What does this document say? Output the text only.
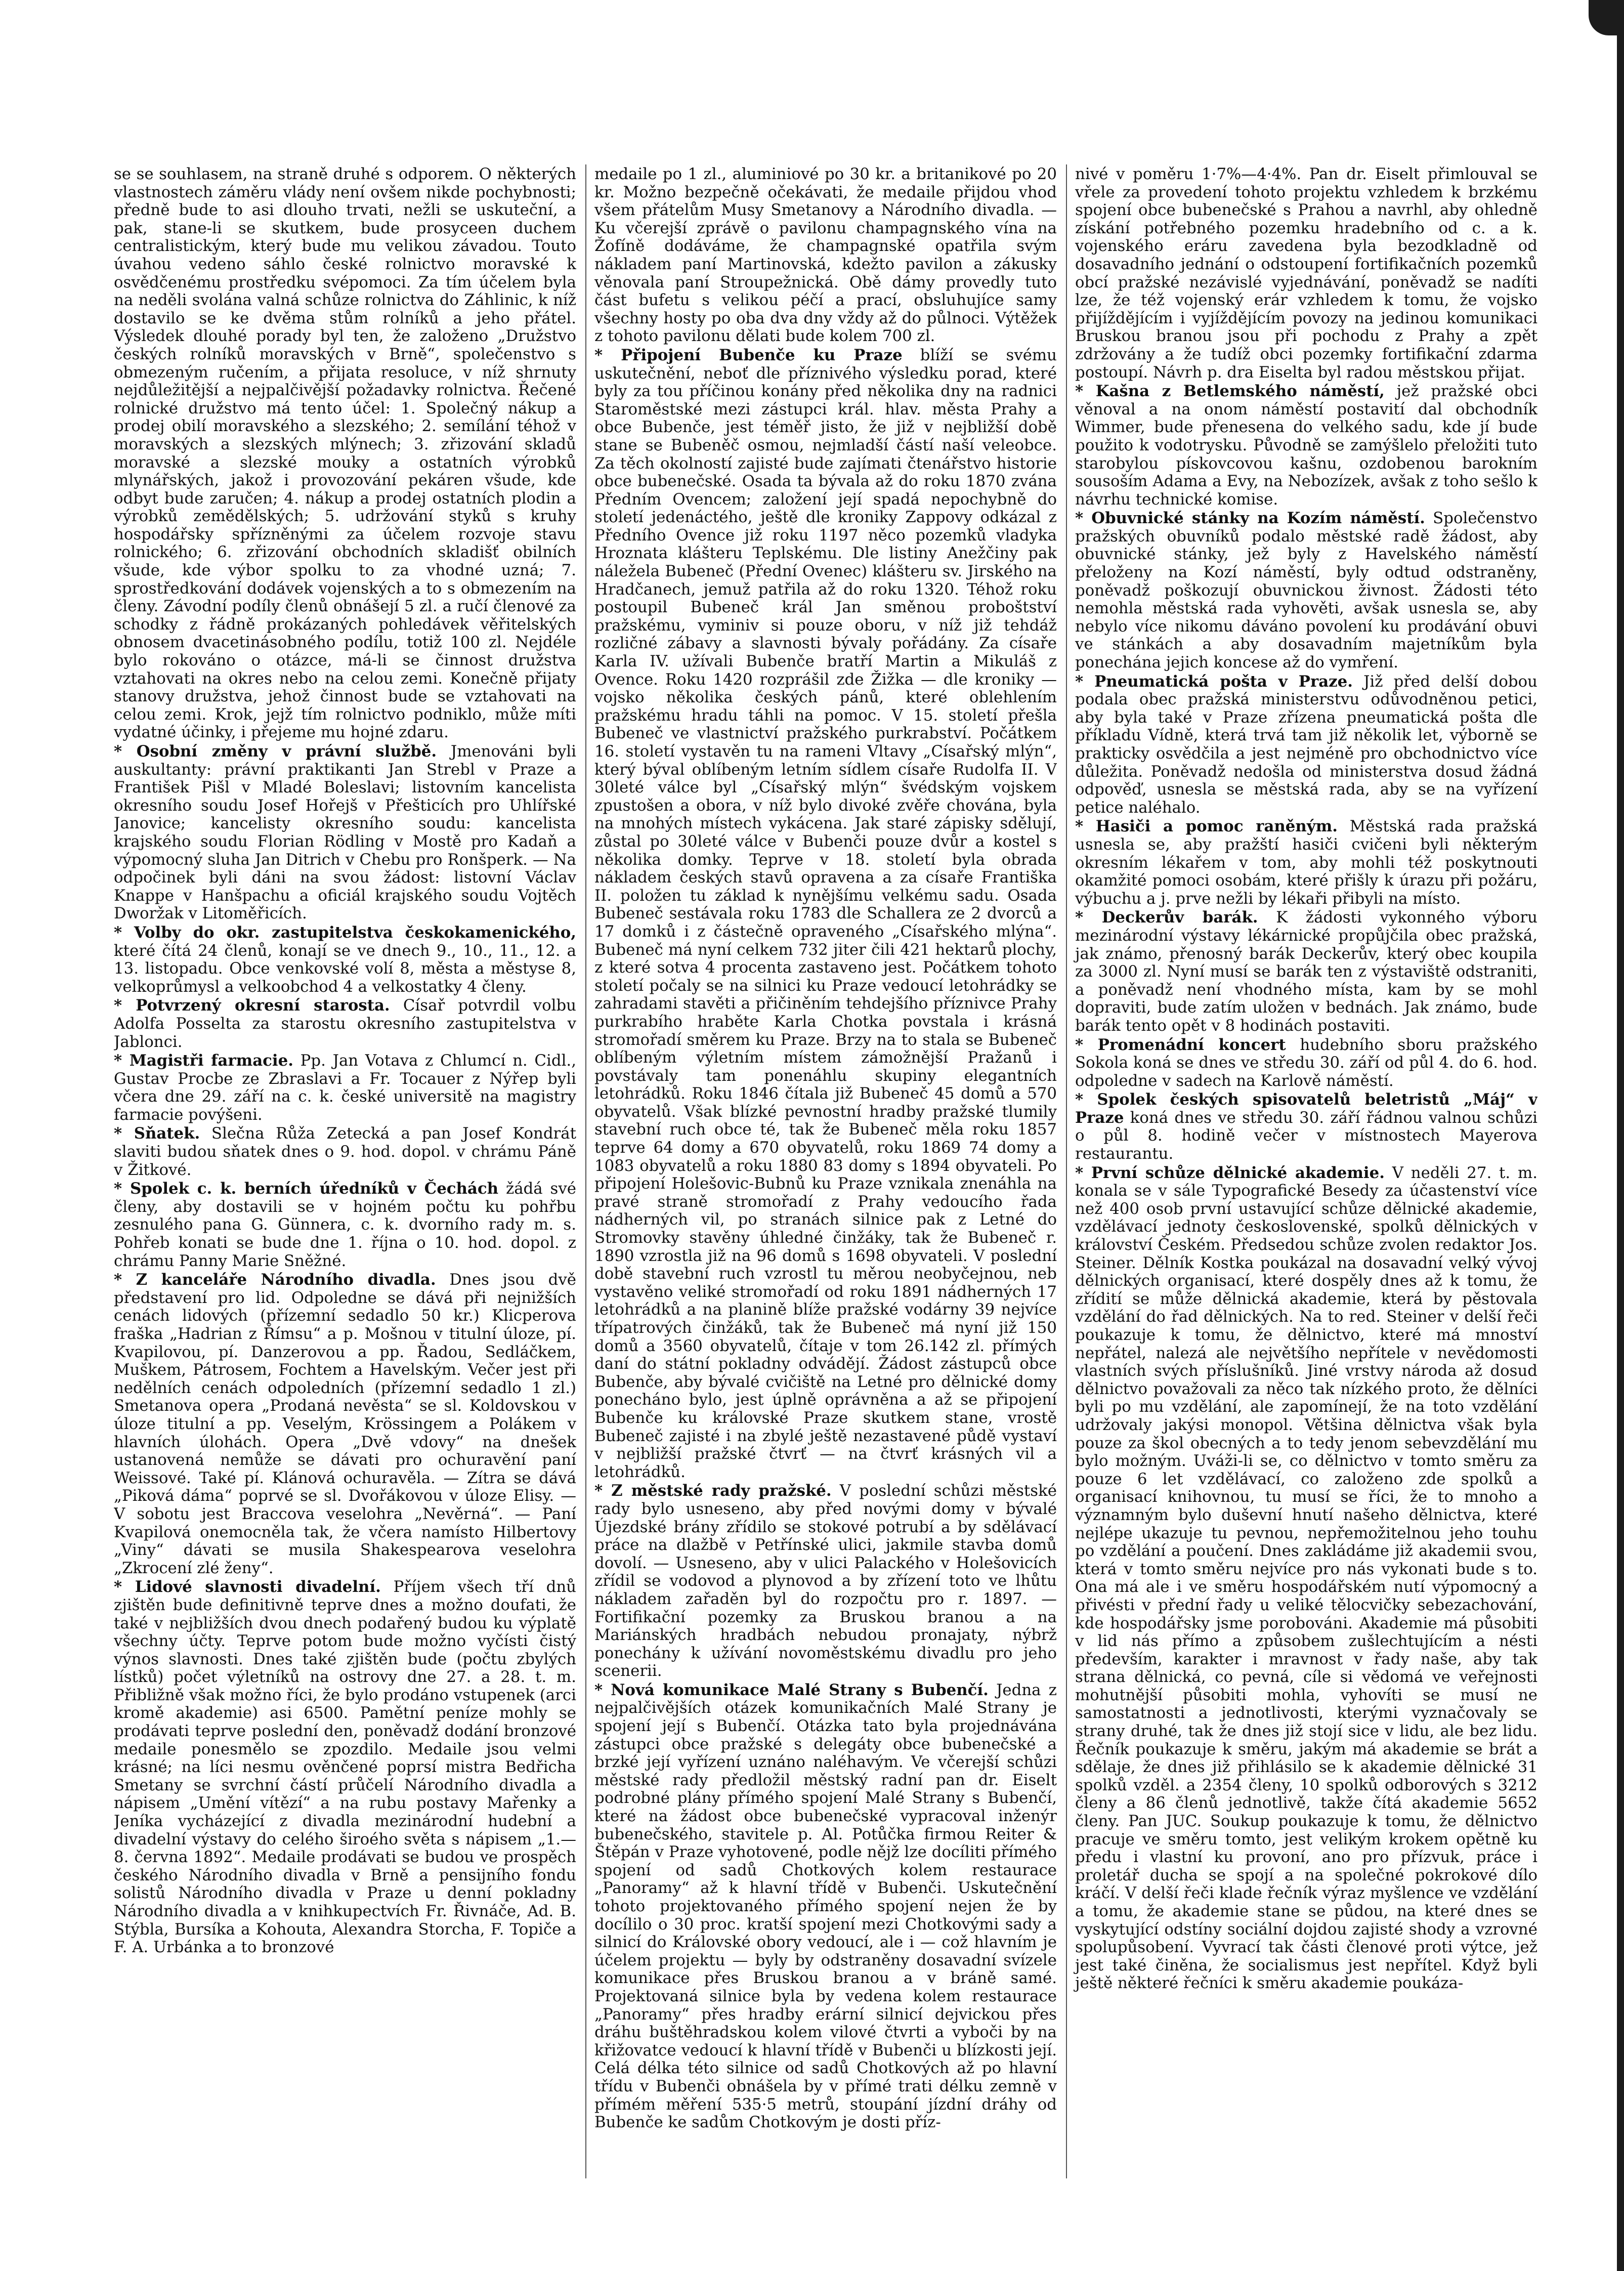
se se souhlasem, na straně druhé s odporem. O některých vlastnostech záměru vlády není ovšem nikde pochybnosti; předně bude to asi dlouho trvati, nežli se uskuteční, a pak, stane-li se skutkem, bude prosyceen duchem centralistickým, který bude mu velikou závadou. Touto úvahou vedeno sáhlo české rolnictvo moravské k osvědčenému prostředku svépomoci. Za tím účelem byla na neděli svolána valná schůze rolnictva do Záhlinic, k níž dostavilo se ke dvěma stům rolníků a jeho přátel. Výsledek dlouhé porady byl ten, že založeno „Družstvo českých rolníků moravských v Brně“, společenstvo s obmezeným ručením, a přijata resoluce, v níž shrnuty nejdůležitější a nejpalčivější požadavky rolnictva. Řečené rolnické družstvo má tento účel: 1. Společný nákup a prodej obilí moravského a slezského; 2. semílání téhož v moravských a slezských mlýnech; 3. zřizování skladů moravské a slezské mouky a ostatních výrobků mlynářských, jakož i provozování pekáren všude, kde odbyt bude zaručen; 4. nákup a prodej ostatních plodin a výrobků zemědělských; 5. udržování styků s kruhy hospodářsky spřízněnými za účelem rozvoje stavu rolnického; 6. zřizování obchodních skladišť obilních všude, kde výbor spolku to za vhodné uzná; 7. sprostředkování dodávek vojenských a to s obmezením na členy. Závodní podíly členů obnášejí 5 zl. a ručí členové za schodky z řádně prokázaných pohledávek věřitelských obnosem dvacetinásobného podílu, totiž 100 zl. Nejdéle bylo rokováno o otázce, má-li se činnost družstva vztahovati na okres nebo na celou zemi. Konečně přijaty stanovy družstva, jehož činnost bude se vztahovati na celou zemi. Krok, jejž tím rolnictvo podniklo, může míti vydatné účinky, i přejeme mu hojné zdaru.

* Osobní změny v právní službě. Jmenováni byli auskultanty: právní praktikanti Jan Strebl v Praze a František Pišl v Mladé Boleslavi; listovním kancelista okresního soudu Josef Hořejš v Přešticích pro Uhlířské Janovice; kancelisty okresního soudu: kancelista krajského soudu Florian Rödling v Mostě pro Kadaň a výpomocný sluha Jan Ditrich v Chebu pro Ronšperk. — Na odpočinek byli dáni na svou žádost: listovní Václav Knappe v Hanšpachu a oficiál krajského soudu Vojtěch Dworžak v Litoměřicích.

* Volby do okr. zastupitelstva českokamenického, které čítá 24 členů, konají se ve dnech 9., 10., 11., 12. a 13. listopadu. Obce venkovské volí 8, města a městyse 8, velkoprůmysl a velkoobchod 4 a velkostatky 4 členy.

* Potvrzený okresní starosta. Císař potvrdil volbu Adolfa Posselta za starostu okresního zastupitelstva v Jablonci.

* Magistři farmacie. Pp. Jan Votava z Chlumcí n. Cidl., Gustav Procbe ze Zbraslavi a Fr. Tocauer z Nýřep byli včera dne 29. září na c. k. české universitě na magistry farmacie povýšeni.

* Sňatek. Slečna Růža Zetecká a pan Josef Kondrát slaviti budou sňatek dnes o 9. hod. dopol. v chrámu Páně v Žitkové.

* Spolek c. k. berních úředníků v Čechách žádá své členy, aby dostavili se v hojném počtu ku pohřbu zesnulého pana G. Günnera, c. k. dvorního rady m. s. Pohřeb konati se bude dne 1. října o 10. hod. dopol. z chrámu Panny Marie Sněžné.

* Z kanceláře Národního divadla. Dnes jsou dvě představení pro lid. Odpoledne se dává při nejnižších cenách lidových (přízemní sedadlo 50 kr.) Klicperova fraška „Hadrian z Římsu“ a p. Mošnou v titulní úloze, pí. Kvapilovou, pí. Danzerovou a pp. Řadou, Sedláčkem, Muškem, Pátrosem, Fochtem a Havelským. Večer jest při nedělních cenách odpoledních (přízemní sedadlo 1 zl.) Smetanova opera „Prodaná nevěsta“ se sl. Koldovskou v úloze titulní a pp. Veselým, Krössingem a Polákem v hlavních úlohách. Opera „Dvě vdovy“ na dnešek ustanovená nemůže se dávati pro ochuravění paní Weissové. Také pí. Klánová ochuravěla. — Zítra se dává „Piková dáma“ poprvé se sl. Dvořákovou v úloze Elisy. — V sobotu jest Braccova veselohra „Nevěrná“. — Paní Kvapilová onemocněla tak, že včera namísto Hilbertovy „Viny“ dávati se musila Shakespearova veselohra „Zkrocení zlé ženy“.

* Lidové slavnosti divadelní. Příjem všech tří dnů zjištěn bude definitivně teprve dnes a možno doufati, že také v nejbližších dvou dnech podařený budou ku výplatě všechny účty. Teprve potom bude možno vyčísti čistý výnos slavnosti. Dnes také zjištěn bude (počtu zbylých lístků) počet výletníků na ostrovy dne 27. a 28. t. m. Přibližně však možno říci, že bylo prodáno vstupenek (arci kromě akademie) asi 6500. Pamětní peníze mohly se prodávati teprve poslední den, poněvadž dodání bronzové medaile ponesmělo se zpozdilo. Medaile jsou velmi krásné; na líci nesmu ověnčené poprsí mistra Bedřicha Smetany se svrchní částí průčelí Národního divadla a nápisem „Umění vítězí“ a na rubu postavy Mařenky a Jeníka vycházející z divadla mezinárodní hudební a divadelní výstavy do celého široého světa s nápisem „1.—8. června 1892“. Medaile prodávati se budou ve prospěch českého Národního divadla v Brně a pensijního fondu solistů Národního divadla v Praze u denní pokladny Národního divadla a v knihkupectvích Fr. Řivnáče, Ad. B. Stýbla, Bursíka a Kohouta, Alexandra Storcha, F. Topiče a F. A. Urbánka a to bronzové

medaile po 1 zl., aluminiové po 30 kr. a britanikové po 20 kr. Možno bezpečně očekávati, že medaile přijdou vhod všem přátelům Musy Smetanovy a Národního divadla. — Ku včerejší zprávě o pavilonu champagnského vína na Žofíně dodáváme, že champagnské opatřila svým nákladem paní Martinovská, kdežto pavilon a zákusky věnovala paní Stroupežnická. Obě dámy provedly tuto část bufetu s velikou péčí a prací, obsluhujíce samy všechny hosty po oba dva dny vždy až do půlnoci. Výtěžek z tohoto pavilonu dělati bude kolem 700 zl.

* Připojení Bubenče ku Praze blíží se svému uskutečnění, neboť dle příznivého výsledku porad, které byly za tou příčinou konány před několika dny na radnici Staroměstské mezi zástupci král. hlav. města Prahy a obce Bubenče, jest téměř jisto, že již v nejbližší době stane se Bubeněč osmou, nejmladší částí naší veleobce. Za těch okolností zajisté bude zajímati čtenářstvo historie obce bubenečské. Osada ta bývala až do roku 1870 zvána Předním Ovencem; založení její spadá nepochybně do století jedenáctého, ještě dle kroniky Zappovy odkázal z Předního Ovence již roku 1197 něco pozemků vladyka Hroznata klášteru Teplskému. Dle listiny Anežčiny pak náležela Bubeneč (Přední Ovenec) klášteru sv. Jirského na Hradčanech, jemuž patřila až do roku 1320. Téhož roku postoupil Bubeneč král Jan směnou proboštství pražskému, vyminiv si pouze oboru, v níž již tehdáž rozličné zábavy a slavnosti bývaly pořádány. Za císaře Karla IV. užívali Bubenče bratří Martin a Mikuláš z Ovence. Roku 1420 rozprášil zde Žižka — dle kroniky — vojsko několika českých pánů, které oblehlením pražskému hradu táhli na pomoc. V 15. století přešla Bubeneč ve vlastnictví pražského purkrabství. Počátkem 16. století vystavěn tu na rameni Vltavy „Císařský mlýn“, který býval oblíbeným letním sídlem císaře Rudolfa II. V 30leté válce byl „Císařský mlýn“ švédským vojskem zpustošen a obora, v níž bylo divoké zvěře chována, byla na mnohých místech vykácena. Jak staré zápisky sdělují, zůstal po 30leté válce v Bubenči pouze dvůr a kostel s několika domky. Teprve v 18. století byla obrada nákladem českých stavů opravena a za císaře Františka II. položen tu základ k nynějšímu velkému sadu. Osada Bubeneč sestávala roku 1783 dle Schallera ze 2 dvorců a 17 domků i z částečně opraveného „Císařského mlýna“. Bubeneč má nyní celkem 732 jiter čili 421 hektarů plochy, z které sotva 4 procenta zastaveno jest. Počátkem tohoto století počaly se na silnici ku Praze vedoucí letohrádky se zahradami stavěti a přičiněním tehdejšího příznivce Prahy purkrabího hraběte Karla Chotka povstala i krásná stromořadí směrem ku Praze. Brzy na to stala se Bubeneč oblíbeným výletním místem zámožnější Pražanů i povstávaly tam ponenáhlu skupiny elegantních letohrádků. Roku 1846 čítala již Bubeneč 45 domů a 570 obyvatelů. Však blízké pevnostní hradby pražské tlumily stavební ruch obce té, tak že Bubeneč měla roku 1857 teprve 64 domy a 670 obyvatelů, roku 1869 74 domy a 1083 obyvatelů a roku 1880 83 domy s 1894 obyvateli. Po připojení Holešovic-Bubnů ku Praze vznikala znenáhla na pravé straně stromořadí z Prahy vedoucího řada nádherných vil, po stranách silnice pak z Letné do Stromovky stavěny úhledné činžáky, tak že Bubeneč r. 1890 vzrostla již na 96 domů s 1698 obyvateli. V poslední době stavební ruch vzrostl tu měrou neobyčejnou, neb vystavěno veliké stromořadí od roku 1891 nádherných 17 letohrádků a na planině blíže pražské vodárny 39 nejvíce třípatrových činžáků, tak že Bubeneč má nyní již 150 domů a 3560 obyvatelů, čítaje v tom 26.142 zl. přímých daní do státní pokladny odvádějí. Žádost zástupců obce Bubenče, aby bývalé cvičiště na Letné pro dělnické domy ponecháno bylo, jest úplně oprávněna a až se připojení Bubenče ku královské Praze skutkem stane, vrostě Bubeneč zajisté i na zbylé ještě nezastavené půdě vystaví v nejbližší pražské čtvrť — na čtvrť krásných vil a letohrádků.

* Z městské rady pražské. V poslední schůzi městské rady bylo usneseno, aby před novými domy v bývalé Újezdské brány zřídilo se stokové potrubí a by sdělávací práce na dlažbě v Petřínské ulici, jakmile stavba domů dovolí. — Usneseno, aby v ulici Palackého v Holešovicích zřídil se vodovod a plynovod a by zřízení toto ve lhůtu nákladem zařaděn byl do rozpočtu pro r. 1897. — Fortifikační pozemky za Bruskou branou a na Mariánských hradbách nebudou pronajaty, nýbrž ponechány k užívání novoměstskému divadlu pro jeho scenerii.

* Nová komunikace Malé Strany s Bubenčí. Jedna z nejpalčivějších otázek komunikačních Malé Strany je spojení její s Bubenčí. Otázka tato byla projednávána zástupci obce pražské s delegáty obce bubenečské a brzké její vyřízení uznáno naléhavým. Ve včerejší schůzi městské rady předložil městský radní pan dr. Eiselt podrobné plány přímého spojení Malé Strany s Bubenčí, které na žádost obce bubenečské vypracoval inženýr bubenečského, stavitele p. Al. Potůčka firmou Reiter & Štěpán v Praze vyhotovené, podle nějž lze docíliti přímého spojení od sadů Chotkových kolem restaurace „Panoramy“ až k hlavní třídě v Bubenči. Uskutečnění tohoto projektovaného přímého spojení nejen že by docílilo o 30 proc. kratší spojení mezi Chotkovými sady a silnicí do Královské obory vedoucí, ale i — což hlavním je účelem projektu — byly by odstraněny dosavadní svízele komunikace přes Bruskou branou a v bráně samé. Projektovaná silnice byla by vedena kolem restaurace „Panoramy“ přes hradby erární silnicí dejvickou přes dráhu buštěhradskou kolem vilové čtvrti a vyboči by na křižovatce vedoucí k hlavní třídě v Bubenči u blízkosti její. Celá délka této silnice od sadů Chotkových až po hlavní třídu v Bubenči obnášela by v přímé trati délku zemně v přímém měření 535·5 metrů, stoupání jízdní dráhy od Bubenče ke sadům Chotkovým je dosti příz-

nivé v poměru 1·7%—4·4%. Pan dr. Eiselt přimlouval se vřele za provedení tohoto projektu vzhledem k brzkému spojení obce bubenečské s Prahou a navrhl, aby ohledně získání potřebného pozemku hradebního od c. a k. vojenského eráru zavedena byla bezodkladně od dosavadního jednání o odstoupení fortifikačních pozemků obcí pražské nezávislé vyjednávání, poněvadž se nadíti lze, že též vojenský erár vzhledem k tomu, že vojsko přijíždějícím i vyjíždějícím povozy na jedinou komunikaci Bruskou branou jsou při pochodu z Prahy a zpět zdržovány a že tudíž obci pozemky fortifikační zdarma postoupí. Návrh p. dra Eiselta byl radou městskou přijat.

* Kašna z Betlemského náměstí, jež pražské obci věnoval a na onom náměstí postavití dal obchodník Wimmer, bude přenesena do velkého sadu, kde jí bude použito k vodotrysku. Původně se zamýšlelo přeložiti tuto starobylou pískovcovou kašnu, ozdobenou barokním sousoším Adama a Evy, na Nebozízek, avšak z toho sešlo k návrhu technické komise.

* Obuvnické stánky na Kozím náměstí. Společenstvo pražských obuvníků podalo městské radě žádost, aby obuvnické stánky, jež byly z Havelského náměstí přeloženy na Kozí náměstí, byly odtud odstraněny, poněvadž poškozují obuvnickou živnost. Žádosti této nemohla městská rada vyhověti, avšak usnesla se, aby nebylo více nikomu dáváno povolení ku prodávání obuvi ve stánkách a aby dosavadním majetníkům byla ponechána jejich koncese až do vymření.

* Pneumatická pošta v Praze. Již před delší dobou podala obec pražská ministerstvu odůvodněnou petici, aby byla také v Praze zřízena pneumatická pošta dle příkladu Vídně, která trvá tam již několik let, výborně se prakticky osvědčila a jest nejméně pro obchodnictvo více důležita. Poněvadž nedošla od ministerstva dosud žádná odpověď, usnesla se městská rada, aby se na vyřízení petice naléhalo.

* Hasiči a pomoc raněným. Městská rada pražská usnesla se, aby pražští hasiči cvičeni byli některým okresním lékařem v tom, aby mohli též poskytnouti okamžité pomoci osobám, které přišly k úrazu při požáru, výbuchu a j. prve nežli by lékaři přibyli na místo.

* Deckerův barák. K žádosti vykonného výboru mezinárodní výstavy lékárnické propůjčila obec pražská, jak známo, přenosný barák Deckerův, který obec koupila za 3000 zl. Nyní musí se barák ten z výstaviště odstraniti, a poněvadž není vhodného místa, kam by se mohl dopraviti, bude zatím uložen v bednách. Jak známo, bude barák tento opět v 8 hodinách postaviti.

* Promenádní koncert hudebního sboru pražského Sokola koná se dnes ve středu 30. září od půl 4. do 6. hod. odpoledne v sadech na Karlově náměstí.

* Spolek českých spisovatelů beletristů „Máj“ v Praze koná dnes ve středu 30. září řádnou valnou schůzi o půl 8. hodině večer v místnostech Mayerova restaurantu.

* První schůze dělnické akademie. V neděli 27. t. m. konala se v sále Typografické Besedy za účastenství více než 400 osob první ustavující schůze dělnické akademie, vzdělávací jednoty československé, spolků dělnických v království Českém. Předsedou schůze zvolen redaktor Jos. Steiner. Dělník Kostka poukázal na dosavadní velký vývoj dělnických organisací, které dospěly dnes až k tomu, že zřídití se může dělnická akademie, která by pěstovala vzdělání do řad dělnických. Na to red. Steiner v delší řeči poukazuje k tomu, že dělnictvo, které má mnoství nepřátel, nalezá ale největšího nepřítele v nevědomosti vlastních svých příslušníků. Jiné vrstvy národa až dosud dělnictvo považovali za něco tak nízkého proto, že dělníci byli po mu vzdělání, ale zapomínejí, že na toto vzdělání udržovaly jakýsi monopol. Většina dělnictva však byla pouze za škol obecných a to tedy jenom sebevzdělání mu bylo možným. Uváži-li se, co dělnictvo v tomto směru za pouze 6 let vzdělávací, co založeno zde spolků a organisací knihovnou, tu musí se říci, že to mnoho a významným bylo duševní hnutí našeho dělnictva, které nejlépe ukazuje tu pevnou, nepřemožitelnou jeho touhu po vzdělání a poučení. Dnes zakládáme již akademii svou, která v tomto směru nejvíce pro nás vykonati bude s to. Ona má ale i ve směru hospodářském nutí výpomocný a přivésti v přední řady u veliké tělocvičky sebezachování, kde hospodářsky jsme porobováni. Akademie má působiti v lid nás přímo a způsobem zušlechtujícím a nésti především, karakter i mravnost v řady naše, aby tak strana dělnická, co pevná, cíle si vědomá ve veřejnosti mohutnější působiti mohla, vyhovíti se musí ne samostatnosti a jednotlivosti, kterými vyznačovaly se strany druhé, tak že dnes již stojí sice v lidu, ale bez lidu. Řečník poukazuje k směru, jakým má akademie se brát a sdělaje, že dnes již přihlásilo se k akademie dělnické 31 spolků vzděl. a 2354 členy, 10 spolků odborových s 3212 členy a 86 členů jednotlivě, takže čítá akademie 5652 členy. Pan JUC. Soukup poukazuje k tomu, že dělnictvo pracuje ve směru tomto, jest velikým krokem opětně ku předu i vlastní ku provoní, ano pro přízvuk, práce i proletář ducha se spojí a na společné pokrokové dílo kráčí. V delší řeči klade řečník výraz myšlence ve vzdělání a tomu, že akademie stane se půdou, na které dnes se vyskytující odstíny sociální dojdou zajisté shody a vzrovné spolupůsobení. Vyvrací tak části členové proti výtce, jež jest také činěna, že socialismus jest nepřítel. Když byli ještě některé řečníci k směru akademie poukáza-
